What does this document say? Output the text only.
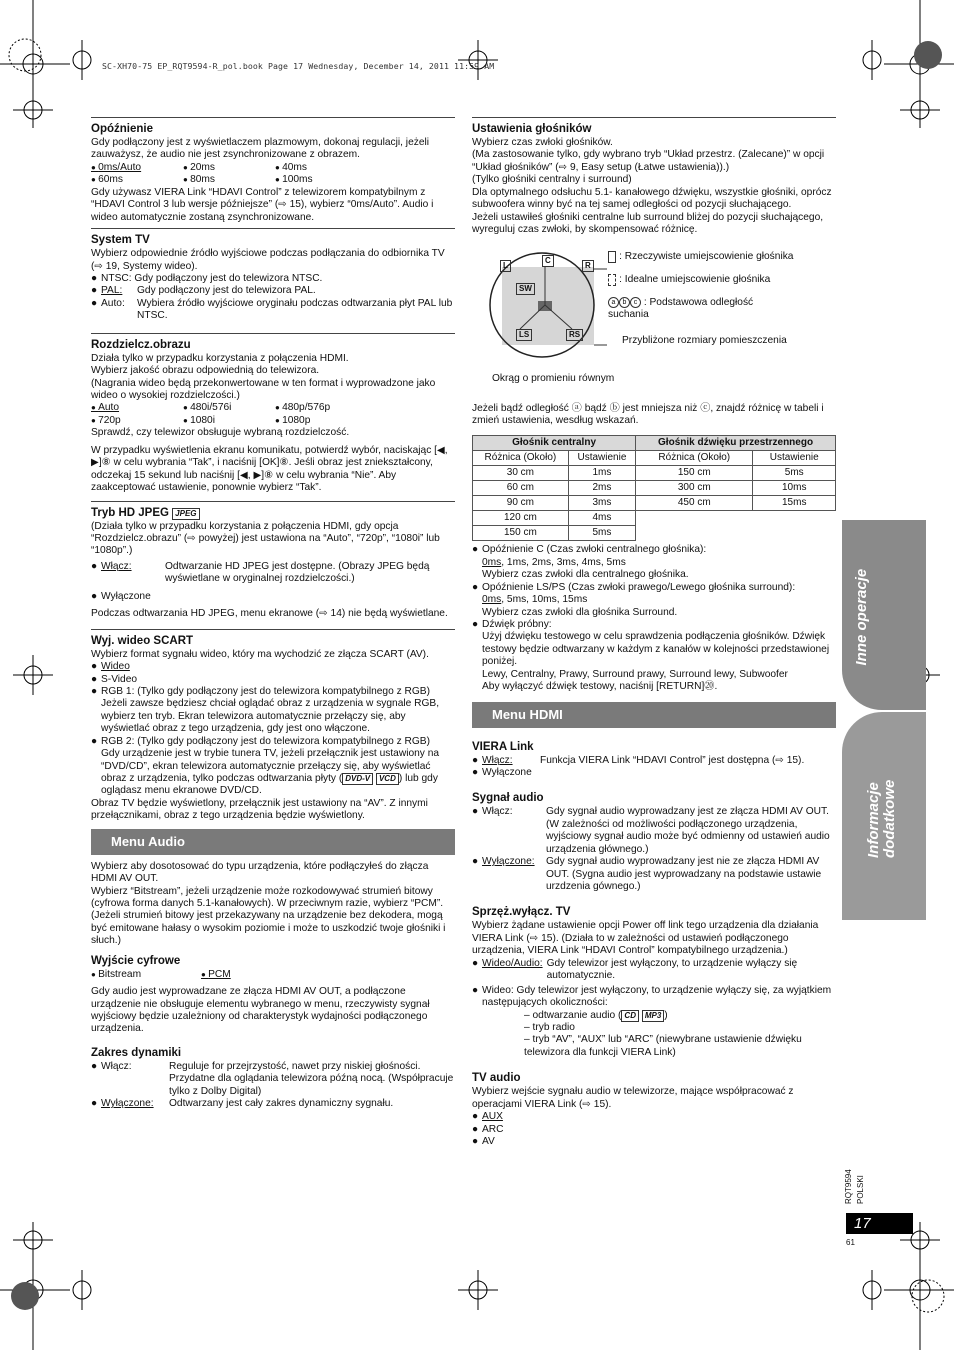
SC-XH70-75 EP_RQT9594-R_pol.book Page 17 Wednesday, December 14, 2011 11:59 AM
Opóźnienie

Gdy podłączony jest z wyświetlaczem plazmowym, dokonaj regulacji, jeżeli zauważysz, że audio nie jest zsynchronizowane z obrazem.

● 0ms/Auto	● 20ms	● 40ms
● 60ms	● 80ms	● 100ms

Gdy używasz VIERA Link “HDAVI Control” z telewizorem kompatybilnym z “HDAVI Control 3 lub wersje późniejsze” (⇨ 15), wybierz “0ms/Auto”. Audio i wideo automatycznie zostaną zsynchronizowane.

System TV

Wybierz odpowiednie źródło wyjściowe podczas podłączania do odbiornika TV (⇨ 19, Systemy wideo).

● NTSC: Gdy podłączony jest do telewizora NTSC.
● PAL:	Gdy podłączony jest do telewizora PAL.
● Auto:	Wybiera źródło wyjściowe oryginału podczas odtwarzania płyt PAL lub NTSC.
Rozdzielcz.obrazu

Działa tylko w przypadku korzystania z połączenia HDMI.
Wybierz jakość obrazu odpowiednią do telewizora.
(Nagrania wideo będą przekonwertowane w ten format i wyprowadzone jako wideo o wysokiej rozdzielczości.)

● Auto	● 480i/576i	● 480p/576p
● 720p	● 1080i	● 1080p

Sprawdź, czy telewizor obsługuje wybraną rozdzielczość.

W przypadku wyświetlenia ekranu komunikatu, potwierdź wybór, naciskając [◀, ▶]⑧ w celu wybrania “Tak”, i naciśnij [OK]⑧. Jeśli obraz jest zniekształcony, odczekaj 15 sekund lub naciśnij [◀, ▶]⑧ w celu wybrania “Nie”. Aby zaakceptować ustawienie, ponownie wybierz “Tak”.

Tryb HD JPEG JPEG

(Działa tylko w przypadku korzystania z połączenia HDMI, gdy opcja “Rozdzielcz.obrazu” (⇨ powyżej) jest ustawiona na “Auto”, “720p”, “1080i” lub “1080p”.)

● Włącz:	Odtwarzanie HD JPEG jest dostępne. (Obrazy JPEG będą wyświetlane w oryginalnej rozdzielczości.)
● Wyłączone

Podczas odtwarzania HD JPEG, menu ekranowe (⇨ 14) nie będą wyświetlane.

Wyj. wideo SCART

Wybierz format sygnału wideo, który ma wychodzić ze złącza SCART (AV).

● Wideo
● S-Video
● RGB 1: (Tylko gdy podłączony jest do telewizora kompatybilnego z RGB)

Jeżeli zawsze będziesz chciał oglądać obraz z urządzenia w sygnale RGB, wybierz ten tryb. Ekran telewizora automatycznie przełączy się, aby wyświetlać obraz z tego urządzenia, gdy jest ono włączone.

● RGB 2: (Tylko gdy podłączony jest do telewizora kompatybilnego z RGB)

Gdy urządzenie jest w trybie tunera TV, jeżeli przełącznik jest ustawiony na “DVD/CD”, ekran telewizora automatycznie przełączy się, aby wyświetlać obraz z urządzenia, tylko podczas odtwarzania płyty ( DVD-V VCD ) lub gdy oglądasz menu ekranowe DVD/CD.

Obraz TV będzie wyświetlony, przełącznik jest ustawiony na “AV”. Z innymi przełącznikami, obraz z tego urządzenia będzie wyświetlony.

Menu Audio

Wybierz aby dosotosować do typu urządzenia, które podłączyłeś do złącza HDMI AV OUT.
Wybierz “Bitstream”, jeżeli urządzenie może rozkodowywać strumień bitowy (cyfrowa forma danych 5.1-kanałowych). W przeciwnym razie, wybierz “PCM”.
(Jeżeli strumień bitowy jest przekazywany na urządzenie bez dekodera, mogą być emitowane hałasy o wysokim poziomie i może to uszkodzić twoje głośniki i słuch.)

Wyjście cyfrowe
● Bitstream	● PCM

Gdy audio jest wyprowadzane ze złącza HDMI AV OUT, a podłączone urządzenie nie obsługuje elementu wybranego w menu, rzeczywisty sygnał wyjściowy będzie uzależniony od charakterystyk wydajności podłączonego urządzenia.

Zakres dynamiki
● Włącz:	Reguluje for przejrzystość, nawet przy niskiej głośności. Przydatne dla oglądania telewizora późną nocą. (Współpracuje tylko z Dolby Digital)
● Wyłączone:	Odtwarzany jest cały zakres dynamiczny sygnału.
Ustawienia głośników

Wybierz czas zwłoki głośników.
(Ma zastosowanie tylko, gdy wybrano tryb “Układ przestrz. (Zalecane)” w opcji “Układ głośników” (⇨ 9, Easy setup (Łatwe ustawienia)).)
(Tylko głośniki centralny i surround)
Dla optymalnego odsłuchu 5.1- kanałowego dźwięku, wszystkie głośniki, oprócz subwoofera winny być na tej samej odległości od pozycji słuchającego.
Jeżeli ustawiłeś głośniki centralne lub surround bliżej do pozycji słuchającego, wyreguluj czas zwłoki, by skompensować różnicę.

L
C
R
SW
LS	RS
: Rzeczywiste umiejscowienie głośnika
: Idealne umiejscowienie głośnika
a b c : Podstawowa odległość suchania
Przybliżone rozmiary pomieszczenia
Okrąg o promieniu równym

Jeżeli bądź odległość ⓐ bądź ⓑ jest mniejsza niż ⓒ, znajdź różnicę w tabeli i zmień ustawienia, wesdług wskazań.

Głośnik centralny		Głośnik dźwięku przestrzennego	
Różnica (Około)	Ustawienie	Różnica (Około)	Ustawienie
30 cm	1ms	150 cm	5ms
60 cm	2ms	300 cm	10ms
90 cm	3ms	450 cm	15ms
120 cm	4ms		
150 cm	5ms		
● Opóźnienie C (Czas zwłoki centralnego głośnika):

0ms, 1ms, 2ms, 3ms, 4ms, 5ms

Wybierz czas zwłoki dla centralnego głośnika.

● Opóźnienie LS/PS (Czas zwłoki prawego/Lewego głośnika surround):

0ms, 5ms, 10ms, 15ms

Wybierz czas zwłoki dla głośnika Surround.

● Dźwięk próbny:

Użyj dźwięku testowego w celu sprawdzenia podłączenia głośników. Dźwięk testowy będzie odtwarzany w każdym z kanałów w kolejności przedstawionej poniżej.
Lewy, Centralny, Prawy, Surround prawy, Surround lewy, Subwoofer
Aby wyłączyć dźwięk testowy, naciśnij [RETURN]⑳.

Menu HDMI
VIERA Link
● Włącz:	Funkcja VIERA Link “HDAVI Control” jest dostępna (⇨ 15).
● Wyłączone
Sygnał audio
● Włącz:	Gdy sygnał audio wyprowadzany jest ze złącza HDMI AV OUT. (W zależności od możliwości podłączonego urządzenia, wyjściowy sygnał audio może być odmienny od ustawień audio urządzenia głównego.)
● Wyłączone:	Gdy sygnał audio wyprowadzany jest nie ze złącza HDMI AV OUT. (Sygna audio jest wyprowadzany na podstawie ustawie urzdzenia gównego.)
Sprzęż.wyłącz. TV

Wybierz żądane ustawienie opcji Power off link tego urządzenia dla działania VIERA Link (⇨ 15). (Działa to w zależności od ustawień podłączonego urządzenia, VIERA Link “HDAVI Control” kompatybilnego urządzenia.)

● Wideo/Audio: Gdy telewizor jest wyłączony, to urządzenie wyłączy się automatycznie.
● Wideo: Gdy telewizor jest wyłączony, to urządzenie wyłączy się, za wyjątkiem następujących okoliczności:

– odtwarzanie audio ( CD MP3 )

– tryb radio

– tryb “AV”, “AUX” lub “ARC” (niewybrane ustawienie dźwięku telewizora dla funkcji VIERA Link)

TV audio

Wybierz wejście sygnału audio w telewizorze, mające współpracować z operacjami VIERA Link (⇨ 15).

● AUX
● ARC
● AV
Inne operacje
Informacje dodatkowe
RQT9594 POLSKI
17
61
